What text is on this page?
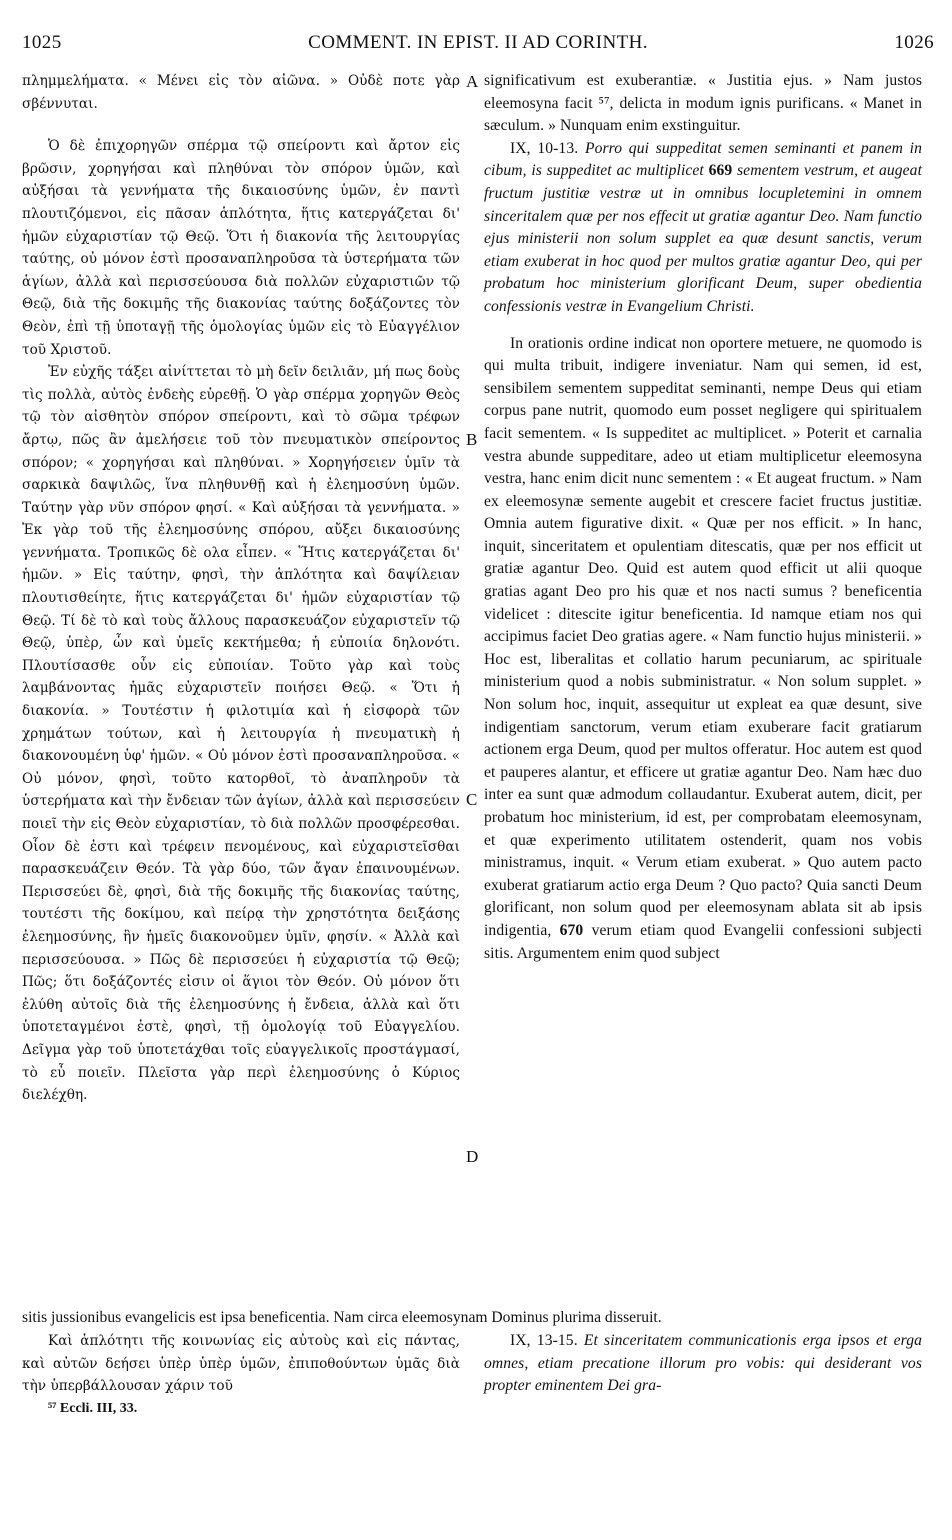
1025	COMMENT. IN EPIST. II AD CORINTH.	1026

πλημμελήματα. « Μένει εἰς τὸν αἰῶνα. » Οὐδὲ ποτε γὰρ σβέννυται.

Ὁ δὲ ἐπιχορηγῶν σπέρμα τῷ σπείροντι καὶ ἄρτον εἰς βρῶσιν, χορηγήσαι καὶ πληθύναι τὸν σπόρον ὑμῶν, καὶ αὐξήσαι τὰ γεννήματα τῆς δικαιοσύνης ὑμῶν, ἐν παντὶ πλουτιζόμενοι, εἰς πᾶσαν ἁπλότητα, ἥτις κατεργάζεται δι' ἡμῶν εὐχαριστίαν τῷ Θεῷ. Ὅτι ἡ διακονία τῆς λειτουργίας ταύτης, οὐ μόνον ἐστὶ προσαναπληροῦσα τὰ ὑστερήματα τῶν ἁγίων, ἀλλὰ καὶ περισσεύουσα διὰ πολλῶν εὐχαριστιῶν τῷ Θεῷ, διὰ τῆς δοκιμῆς τῆς διακονίας ταύτης δοξάζοντες τὸν Θεὸν, ἐπὶ τῇ ὑποταγῇ τῆς ὁμολογίας ὑμῶν εἰς τὸ Εὐαγγέλιον τοῦ Χριστοῦ.

Ἐν εὐχῆς τάξει αἰνίττεται τὸ μὴ δεῖν δειλιᾶν, μή πως δοὺς τὶς πολλὰ, αὐτὸς ἐνδεὴς εὑρεθῇ. Ὁ γὰρ σπέρμα χορηγῶν Θεὸς τῷ τὸν αἰσθητὸν σπόρον σπείροντι, καὶ τὸ σῶμα τρέφων ἄρτῳ, πῶς ἂν ἀμελήσειε τοῦ τὸν πνευματικὸν σπείροντος σπόρον; « χορηγήσαι καὶ πληθύναι. » Χορηγήσειεν ὑμῖν τὰ σαρκικὰ δαψιλῶς, ἵνα πληθυνθῇ καὶ ἡ ἐλεημοσύνη ὑμῶν. Ταύτην γὰρ νῦν σπόρον φησί. « Καὶ αὐξήσαι τὰ γεννήματα. » Ἐκ γὰρ τοῦ τῆς ἐλεημοσύνης σπόρου, αὔξει δικαιοσύνης γεννήματα. Τροπικῶς δὲ ολα εἶπεν. « Ἥτις κατεργάζεται δι' ἡμῶν. » Εἰς ταύτην, φησὶ, τὴν ἁπλότητα καὶ δαψίλειαν πλουτισθείητε, ἥτις κατεργάζεται δι' ἡμῶν εὐχαριστίαν τῷ Θεῷ. Τί δὲ τὸ καὶ τοὺς ἄλλους παρασκευάζον εὐχαριστεῖν τῷ Θεῷ, ὑπὲρ, ὧν καὶ ὑμεῖς κεκτήμεθα; ἡ εὐποιία δηλονότι. Πλουτίσασθε οὖν εἰς εὐποιίαν. Τοῦτο γὰρ καὶ τοὺς λαμβάνοντας ἡμᾶς εὐχαριστεῖν ποιήσει Θεῷ. « Ὅτι ἡ διακονία. » Τουτέστιν ἡ φιλοτιμία καὶ ἡ εἰσφορὰ τῶν χρημάτων τούτων, καὶ ἡ λειτουργία ἡ πνευματικὴ ἡ διακονουμένη ὑφ' ἡμῶν. « Οὐ μόνον ἐστὶ προσαναπληροῦσα. « Οὐ μόνον, φησὶ, τοῦτο κατορθοῖ, τὸ ἀναπληροῦν τὰ ὑστερήματα καὶ τὴν ἔνδειαν τῶν ἁγίων, ἀλλὰ καὶ περισσεύειν ποιεῖ τὴν εἰς Θεὸν εὐχαριστίαν, τὸ διὰ πολλῶν προσφέρεσθαι. Οἷον δὲ ἐστι καὶ τρέφειν πενομένους, καὶ εὐχαριστεῖσθαι παρασκευάζειν Θεόν. Τὰ γὰρ δύο, τῶν ἄγαν ἐπαινουμένων. Περισσεύει δὲ, φησὶ, διὰ τῆς δοκιμῆς τῆς διακονίας ταύτης, τουτέστι τῆς δοκίμου, καὶ πείρᾳ τὴν χρηστότητα δειξάσης ἐλεημοσύνης, ἣν ἡμεῖς διακονοῦμεν ὑμῖν, φησίν. « Ἀλλὰ καὶ περισσεύουσα. » Πῶς δὲ περισσεύει ἡ εὐχαριστία τῷ Θεῷ; Πῶς; ὅτι δοξάζοντές εἰσιν οἱ ἅγιοι τὸν Θεόν. Οὐ μόνον ὅτι ἐλύθη αὐτοῖς διὰ τῆς ἐλεημοσύνης ἡ ἔνδεια, ἀλλὰ καὶ ὅτι ὑποτεταγμένοι ἐστὲ, φησὶ, τῇ ὁμολογίᾳ τοῦ Εὐαγγελίου. Δεῖγμα γὰρ τοῦ ὑποτετάχθαι τοῖς εὐαγγελικοῖς προστάγμασί, τὸ εὖ ποιεῖν. Πλεῖστα γὰρ περὶ ἐλεημοσύνης ὁ Κύριος διελέχθη.

significativum est exuberantiæ. « Justitia ejus. » Nam justos eleemosyna facit ⁵⁷, delicta in modum ignis purificans. « Manet in sæculum. » Nunquam enim exstinguitur.

IX, 10-13. Porro qui suppeditat semen seminanti et panem in cibum, is suppeditet ac multiplicet 669 sementem vestrum, et augeat fructum justitiæ vestræ ut in omnibus locupletemini in omnem sinceritalem quæ per nos effecit ut gratiæ agantur Deo. Nam functio ejus ministerii non solum supplet ea quæ desunt sanctis, verum etiam exuberat in hoc quod per multos gratiæ agantur Deo, qui per probatum hoc ministerium glorificant Deum, super obedientia confessionis vestræ in Evangelium Christi.

In orationis ordine indicat non oportere metuere, ne quomodo is qui multa tribuit, indigere inveniatur. Nam qui semen, id est, sensibilem sementem suppeditat seminanti, nempe Deus qui etiam corpus pane nutrit, quomodo eum posset negligere qui spiritualem facit sementem. « Is suppeditet ac multiplicet. » Poterit et carnalia vestra abunde suppeditare, adeo ut etiam multiplicetur eleemosyna vestra, hanc enim dicit nunc sementem : « Et augeat fructum. » Nam ex eleemosynæ semente augebit et crescere faciet fructus justitiæ. Omnia autem figurative dixit. « Quæ per nos efficit. » In hanc, inquit, sinceritatem et opulentiam ditescatis, quæ per nos efficit ut gratiæ agantur Deo. Quid est autem quod efficit ut alii quoque gratias agant Deo pro his quæ et nos nacti sumus ? beneficentia videlicet : ditescite igitur beneficentia. Id namque etiam nos qui accipimus faciet Deo gratias agere. « Nam functio hujus ministerii. » Hoc est, liberalitas et collatio harum pecuniarum, ac spirituale ministerium quod a nobis subministratur. « Non solum supplet. » Non solum hoc, inquit, assequitur ut expleat ea quæ desunt, sive indigentiam sanctorum, verum etiam exuberare facit gratiarum actionem erga Deum, quod per multos offeratur. Hoc autem est quod et pauperes alantur, et efficere ut gratiæ agantur Deo. Nam hæc duo inter ea sunt quæ admodum collaudantur. Exuberat autem, dicit, per probatum hoc ministerium, id est, per comprobatam eleemosynam, et quæ experimento utilitatem ostenderit, quam nos vobis ministramus, inquit. « Verum etiam exuberat. » Quo autem pacto exuberat gratiarum actio erga Deum ? Quo pacto? Quia sancti Deum glorificant, non solum quod per eleemosynam ablata sit ab ipsis indigentia, 670 verum etiam quod Evangelii confessioni subjecti sitis. Argumentem enim quod subject

A
B
C
D
sitis jussionibus evangelicis est ipsa beneficentia. Nam circa eleemosynam Dominus plurima disseruit.

Καὶ ἁπλότητι τῆς κοινωνίας εἰς αὐτοὺς καὶ εἰς πάντας, καὶ αὐτῶν δεήσει ὑπὲρ ὑπὲρ ὑμῶν, ἐπιποθούντων ὑμᾶς διὰ τὴν ὑπερβάλλουσαν χάριν τοῦ

IX, 13-15. Et sinceritatem communicationis erga ipsos et erga omnes, etiam precatione illorum pro vobis: qui desiderant vos propter eminentem Dei gra-

⁵⁷ Eccli. III, 33.
